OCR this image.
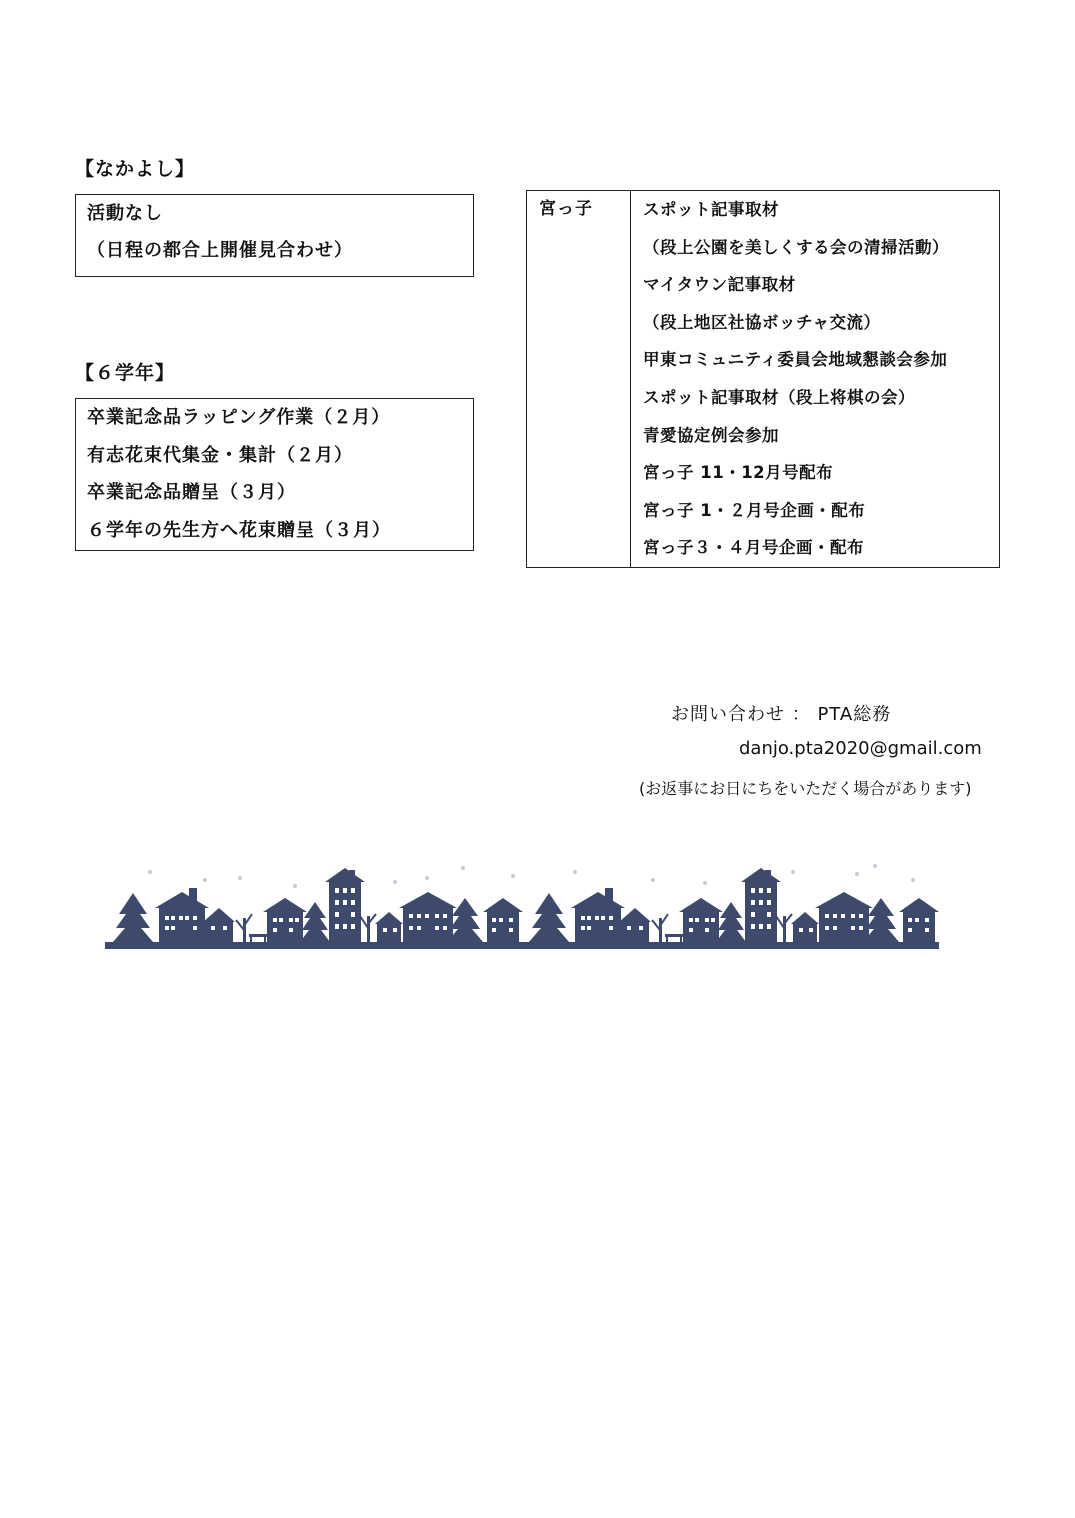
【なかよし】
活動なし
（日程の都合上開催見合わせ）
【６学年】
卒業記念品ラッピング作業（２月）
有志花束代集金・集計（２月）
卒業記念品贈呈（３月）
６学年の先生方へ花束贈呈（３月）
宮っ子	スポット記事取材
（段上公園を美しくする会の清掃活動）
マイタウン記事取材
（段上地区社協ボッチャ交流）
甲東コミュニティ委員会地域懇談会参加
スポット記事取材（段上将棋の会）
青愛協定例会参加
宮っ子 11・12月号配布
宮っ子 1・２月号企画・配布
宮っ子３・４月号企画・配布
お問い合わせ ： PTA総務
danjo.pta2020@gmail.com
(お返事にお日にちをいただく場合があります)
